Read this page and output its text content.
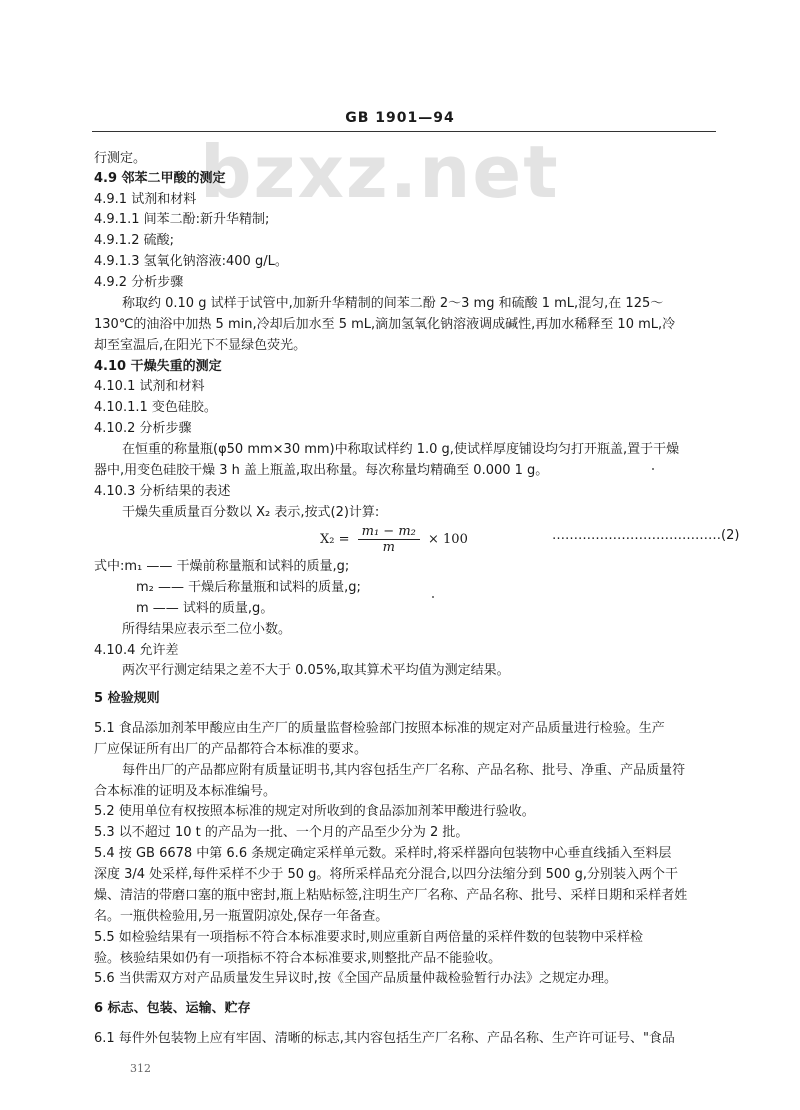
bzxz.net
GB 1901—94
行测定。
4.9 邻苯二甲酸的测定
4.9.1 试剂和材料
4.9.1.1 间苯二酚:新升华精制;
4.9.1.2 硫酸;
4.9.1.3 氢氧化钠溶液:400 g/L。
4.9.2 分析步骤
称取约 0.10 g 试样于试管中,加新升华精制的间苯二酚 2～3 mg 和硫酸 1 mL,混匀,在 125～
130℃的油浴中加热 5 min,冷却后加水至 5 mL,滴加氢氧化钠溶液调成碱性,再加水稀释至 10 mL,冷
却至室温后,在阳光下不显绿色荧光。
4.10 干燥失重的测定
4.10.1 试剂和材料
4.10.1.1 变色硅胶。
4.10.2 分析步骤
在恒重的称量瓶(φ50 mm×30 mm)中称取试样约 1.0 g,使试样厚度铺设均匀打开瓶盖,置于干燥
器中,用变色硅胶干燥 3 h 盖上瓶盖,取出称量。每次称量均精确至 0.000 1 g。
4.10.3 分析结果的表述
干燥失重质量百分数以 X₂ 表示,按式(2)计算:
式中:m₁ —— 干燥前称量瓶和试料的质量,g;
m₂ —— 干燥后称量瓶和试料的质量,g;
m —— 试料的质量,g。
所得结果应表示至二位小数。
4.10.4 允许差
两次平行测定结果之差不大于 0.05%,取其算术平均值为测定结果。
5 检验规则
5.1 食品添加剂苯甲酸应由生产厂的质量监督检验部门按照本标准的规定对产品质量进行检验。生产
厂应保证所有出厂的产品都符合本标准的要求。
每件出厂的产品都应附有质量证明书,其内容包括生产厂名称、产品名称、批号、净重、产品质量符
合本标准的证明及本标准编号。
5.2 使用单位有权按照本标准的规定对所收到的食品添加剂苯甲酸进行验收。
5.3 以不超过 10 t 的产品为一批、一个月的产品至少分为 2 批。
5.4 按 GB 6678 中第 6.6 条规定确定采样单元数。采样时,将采样器向包装物中心垂直线插入至料层
深度 3/4 处采样,每件采样不少于 50 g。将所采样品充分混合,以四分法缩分到 500 g,分别装入两个干
燥、清洁的带磨口塞的瓶中密封,瓶上粘贴标签,注明生产厂名称、产品名称、批号、采样日期和采样者姓
名。一瓶供检验用,另一瓶置阴凉处,保存一年备查。
5.5 如检验结果有一项指标不符合本标准要求时,则应重新自两倍量的采样件数的包装物中采样检
验。核验结果如仍有一项指标不符合本标准要求,则整批产品不能验收。
5.6 当供需双方对产品质量发生异议时,按《全国产品质量仲裁检验暂行办法》之规定办理。
6 标志、包装、运输、贮存
6.1 每件外包装物上应有牢固、清晰的标志,其内容包括生产厂名称、产品名称、生产许可证号、"食品
$X_2 = \frac{\text{m₁ − m₂}}{m} \times 100$	…………………………………(2)
312
